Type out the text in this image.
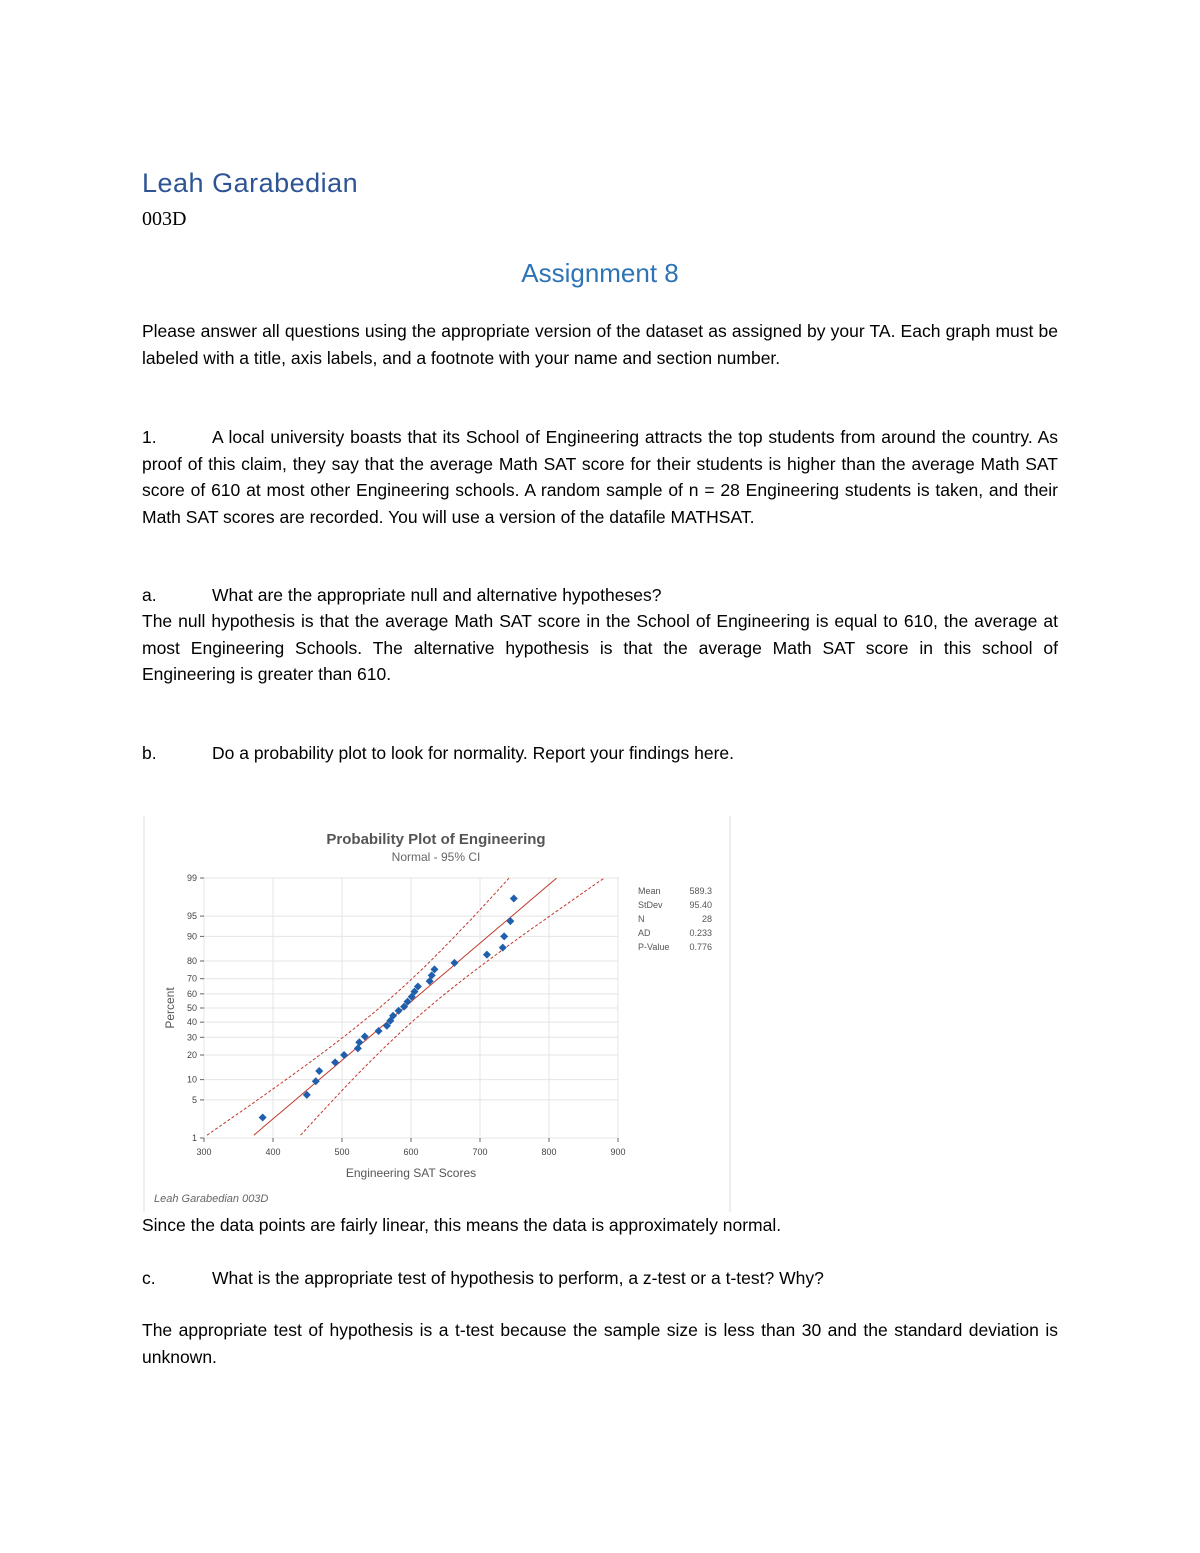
Leah Garabedian
003D
Assignment 8

Please answer all questions using the appropriate version of the dataset as assigned by your TA. Each graph must be labeled with a title, axis labels, and a footnote with your name and section number.

1.	A local university boasts that its School of Engineering attracts the top students from around the country. As proof of this claim, they say that the average Math SAT score for their students is higher than the average Math SAT score of 610 at most other Engineering schools. A random sample of n = 28 Engineering students is taken, and their Math SAT scores are recorded. You will use a version of the datafile MATHSAT.

a.	What are the appropriate null and alternative hypotheses?

The null hypothesis is that the average Math SAT score in the School of Engineering is equal to 610, the average at most Engineering Schools. The alternative hypothesis is that the average Math SAT score in this school of Engineering is greater than 610.

b.	Do a probability plot to look for normality. Report your findings here.
Probability Plot of Engineering
Normal - 95% CI
300	400	500	600	700	800	900
1
5
10
20
30
40
50
60
70
80
90
95
99
Engineering SAT Scores
Percent
Mean	589.3
StDev	95.40
N	28
AD	0.233
P-Value 0.776
Leah Garabedian 003D
Since the data points are fairly linear, this means the data is approximately normal.
c.	What is the appropriate test of hypothesis to perform, a z-test or a t-test? Why?

The appropriate test of hypothesis is a t-test because the sample size is less than 30 and the standard deviation is unknown.
